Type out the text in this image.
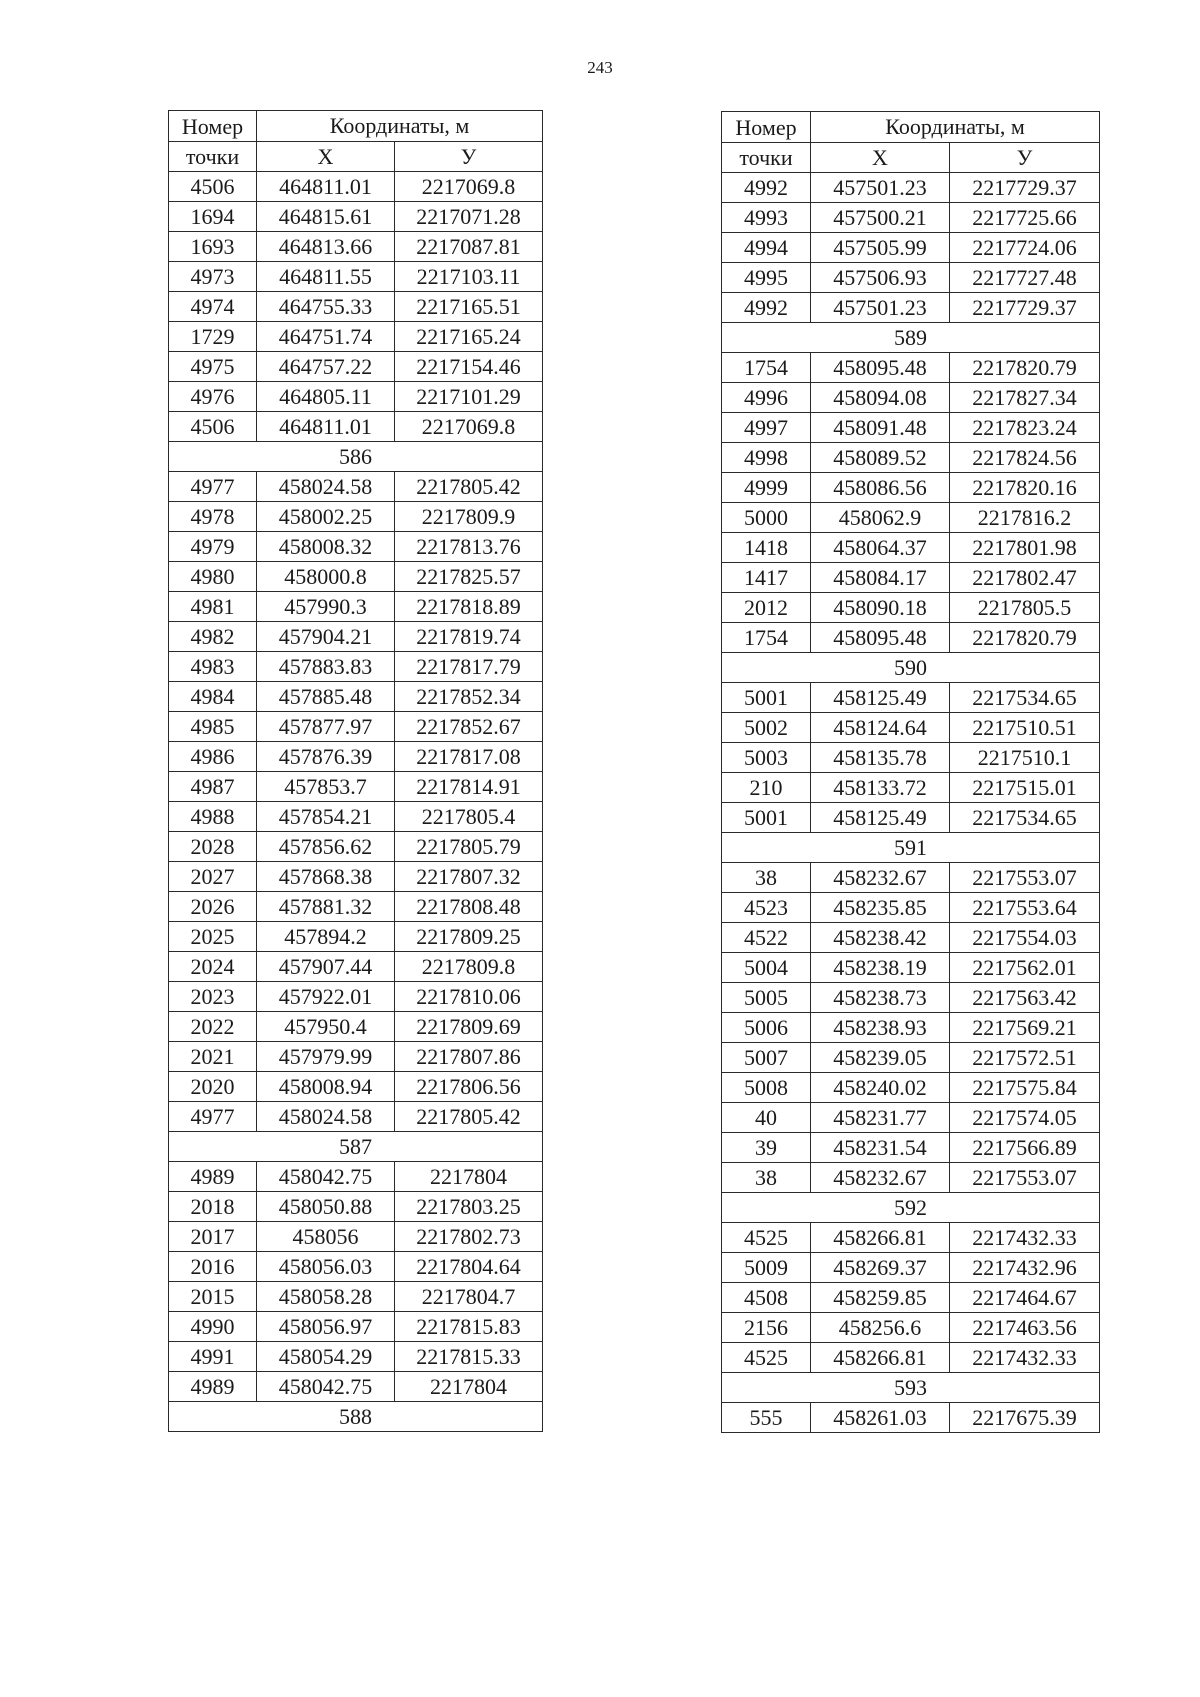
243
Номер	Координаты, м	
точки	Х	У
4506	464811.01	2217069.8
1694	464815.61	2217071.28
1693	464813.66	2217087.81
4973	464811.55	2217103.11
4974	464755.33	2217165.51
1729	464751.74	2217165.24
4975	464757.22	2217154.46
4976	464805.11	2217101.29
4506	464811.01	2217069.8
586		
4977	458024.58	2217805.42
4978	458002.25	2217809.9
4979	458008.32	2217813.76
4980	458000.8	2217825.57
4981	457990.3	2217818.89
4982	457904.21	2217819.74
4983	457883.83	2217817.79
4984	457885.48	2217852.34
4985	457877.97	2217852.67
4986	457876.39	2217817.08
4987	457853.7	2217814.91
4988	457854.21	2217805.4
2028	457856.62	2217805.79
2027	457868.38	2217807.32
2026	457881.32	2217808.48
2025	457894.2	2217809.25
2024	457907.44	2217809.8
2023	457922.01	2217810.06
2022	457950.4	2217809.69
2021	457979.99	2217807.86
2020	458008.94	2217806.56
4977	458024.58	2217805.42
587		
4989	458042.75	2217804
2018	458050.88	2217803.25
2017	458056	2217802.73
2016	458056.03	2217804.64
2015	458058.28	2217804.7
4990	458056.97	2217815.83
4991	458054.29	2217815.33
4989	458042.75	2217804
588		
Номер	Координаты, м	
точки	Х	У
4992	457501.23	2217729.37
4993	457500.21	2217725.66
4994	457505.99	2217724.06
4995	457506.93	2217727.48
4992	457501.23	2217729.37
589		
1754	458095.48	2217820.79
4996	458094.08	2217827.34
4997	458091.48	2217823.24
4998	458089.52	2217824.56
4999	458086.56	2217820.16
5000	458062.9	2217816.2
1418	458064.37	2217801.98
1417	458084.17	2217802.47
2012	458090.18	2217805.5
1754	458095.48	2217820.79
590		
5001	458125.49	2217534.65
5002	458124.64	2217510.51
5003	458135.78	2217510.1
210	458133.72	2217515.01
5001	458125.49	2217534.65
591		
38	458232.67	2217553.07
4523	458235.85	2217553.64
4522	458238.42	2217554.03
5004	458238.19	2217562.01
5005	458238.73	2217563.42
5006	458238.93	2217569.21
5007	458239.05	2217572.51
5008	458240.02	2217575.84
40	458231.77	2217574.05
39	458231.54	2217566.89
38	458232.67	2217553.07
592		
4525	458266.81	2217432.33
5009	458269.37	2217432.96
4508	458259.85	2217464.67
2156	458256.6	2217463.56
4525	458266.81	2217432.33
593		
555	458261.03	2217675.39
